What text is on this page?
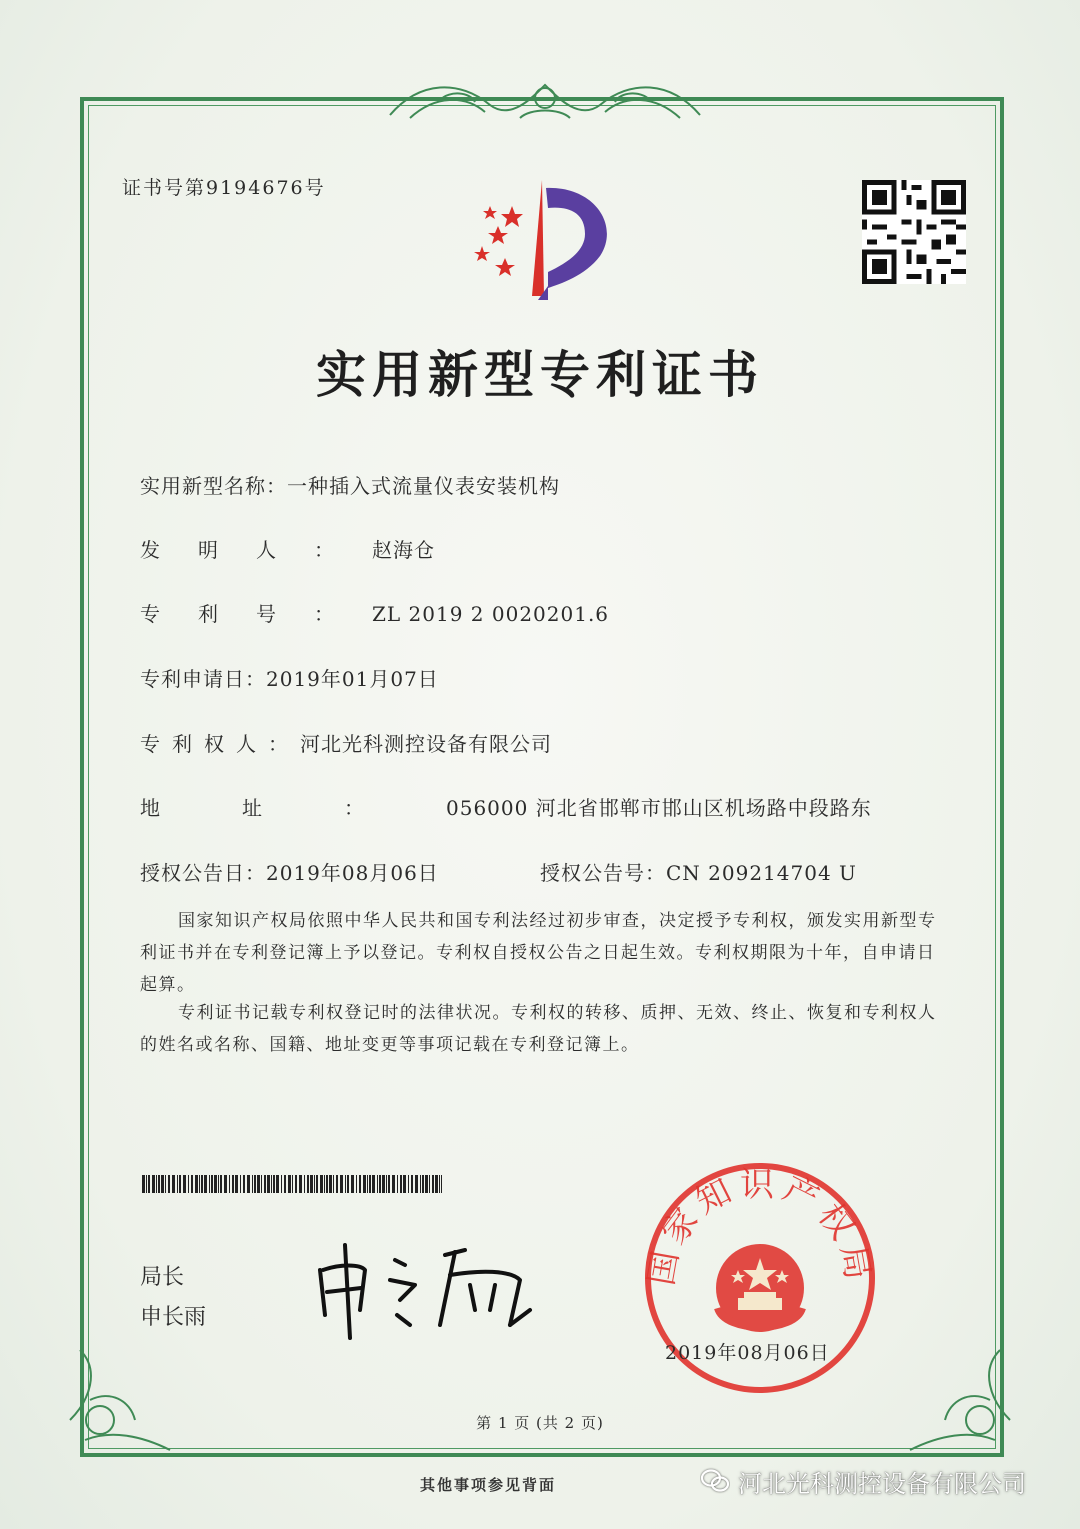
证书号第9194676号
实用新型专利证书
实用新型名称：一种插入式流量仪表安装机构
发明人：赵海仓
专利号：ZL 2019 2 0020201.6
专利申请日：2019年01月07日
专利权人：河北光科测控设备有限公司
地址：056000 河北省邯郸市邯山区机场路中段路东
授权公告日：2019年08月06日	授权公告号：CN 209214704 U
国家知识产权局依照中华人民共和国专利法经过初步审查，决定授予专利权，颁发实用新型专利证书并在专利登记簿上予以登记。专利权自授权公告之日起生效。专利权期限为十年，自申请日起算。
专利证书记载专利权登记时的法律状况。专利权的转移、质押、无效、终止、恢复和专利权人的姓名或名称、国籍、地址变更等事项记载在专利登记簿上。
局长
申长雨
国家知识产权局
2019年08月06日
第 1 页 (共 2 页)
其他事项参见背面	河北光科测控设备有限公司
